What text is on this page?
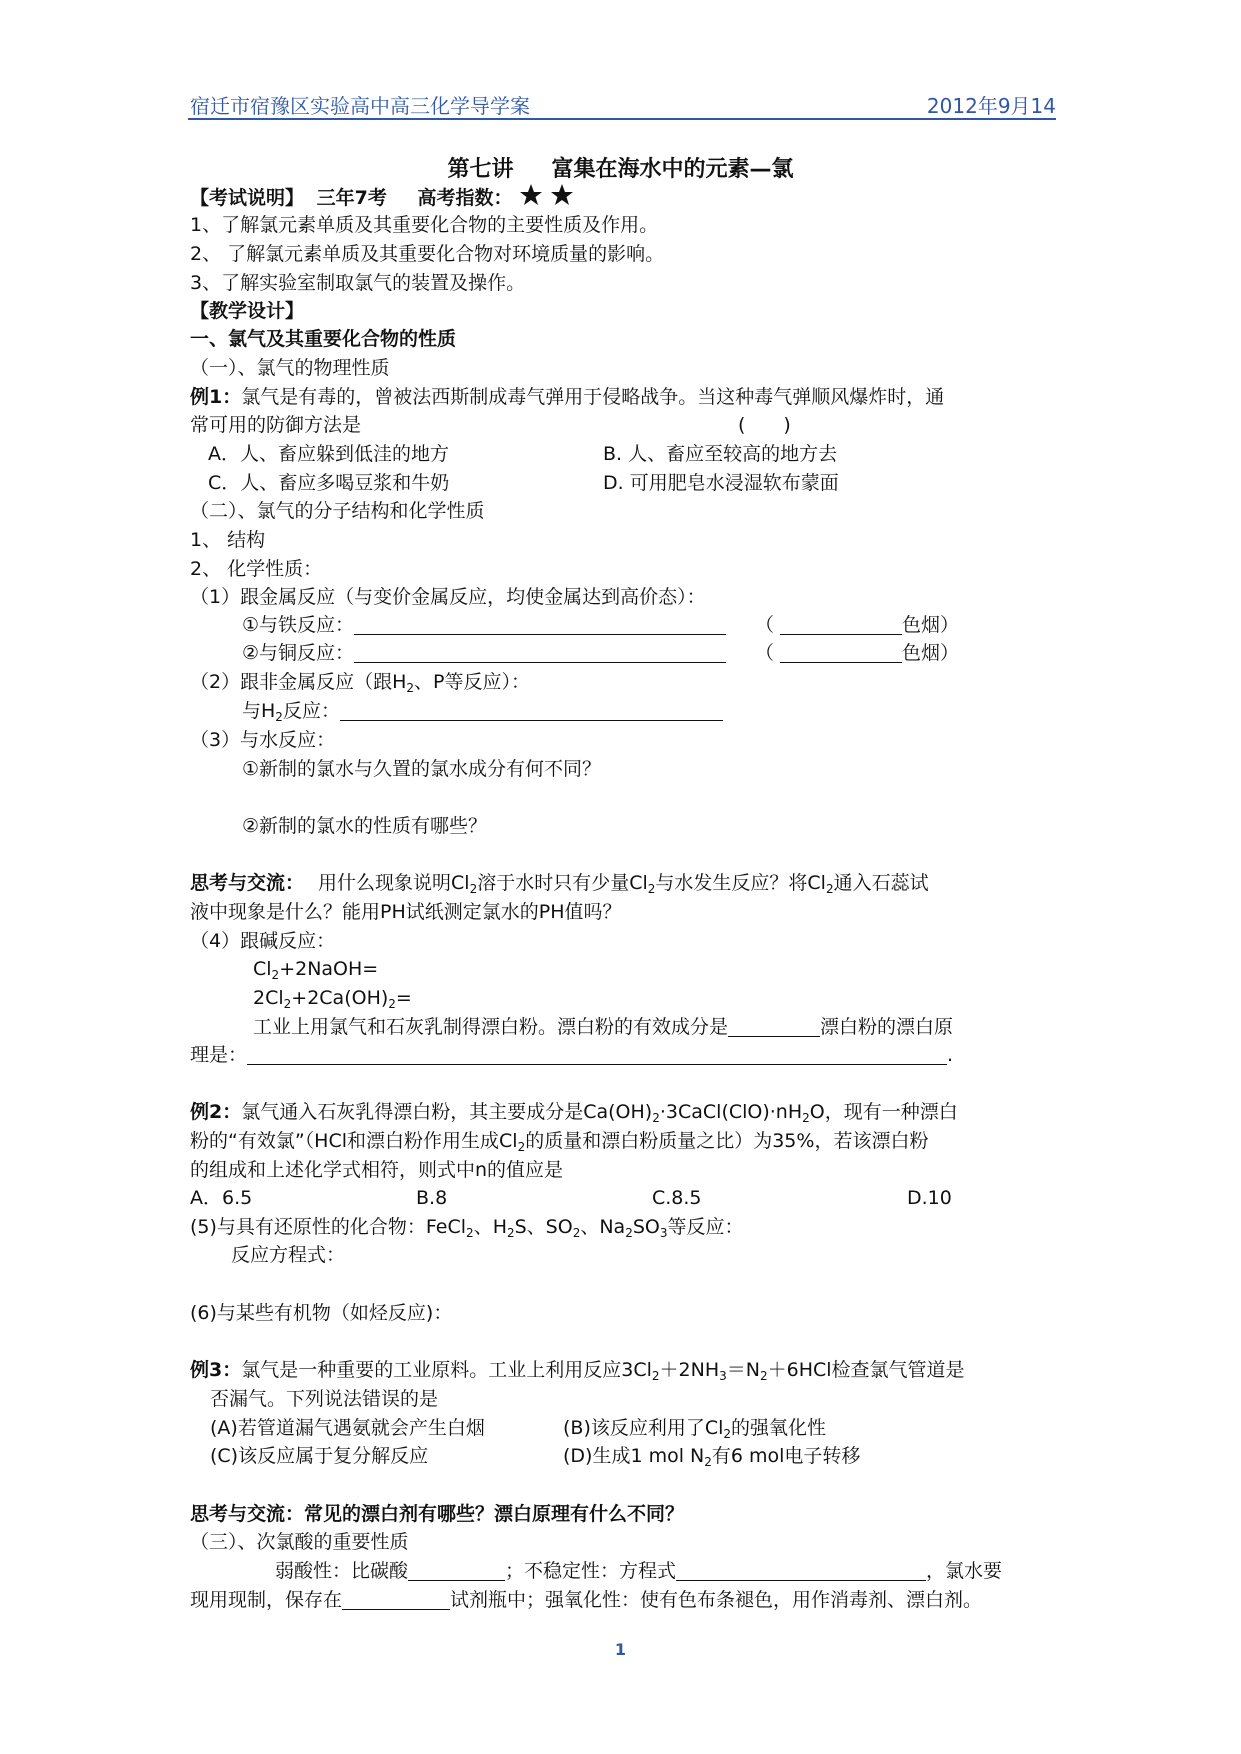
宿迁市宿豫区实验高中高三化学导学案	2012年9月14
第七讲 富集在海水中的元素—氯
【考试说明】 三年7考 高考指数：
1、了解氯元素单质及其重要化合物的主要性质及作用。
2、 了解氯元素单质及其重要化合物对环境质量的影响。
3、了解实验室制取氯气的装置及操作。
【教学设计】
一、氯气及其重要化合物的性质
（一）、氯气的物理性质
例1：氯气是有毒的，曾被法西斯制成毒气弹用于侵略战争。当这种毒气弹顺风爆炸时，通
常可用的防御方法是	(　　)
A．人、畜应躲到低洼的地方	B. 人、畜应至较高的地方去
C．人、畜应多喝豆浆和牛奶	D. 可用肥皂水浸湿软布蒙面
（二）、氯气的分子结构和化学性质
1、 结构
2、 化学性质：
（1）跟金属反应（与变价金属反应，均使金属达到高价态）：
①与铁反应：	（	色烟）
②与铜反应：	（	色烟）
（2）跟非金属反应（跟$H_2$、P等反应）：
与$H_2$反应：
（3）与水反应：
①新制的氯水与久置的氯水成分有何不同？
②新制的氯水的性质有哪些？
思考与交流： 用什么现象说明$Cl_2$溶于水时只有少量$Cl_2$与水发生反应？将$Cl_2$通入石蕊试
液中现象是什么？能用PH试纸测定氯水的PH值吗？
（4）跟碱反应：
$Cl_2+2NaOH=$
$2Cl_2+2Ca(OH)_2=$
工业上用氯气和石灰乳制得漂白粉。漂白粉的有效成分是	漂白粉的漂白原
理是：	.
例2：氯气通入石灰乳得漂白粉，其主要成分是$Ca(OH)_2\cdot 3CaCl(ClO)\cdot nH_2O$，现有一种漂白
粉的“有效氯”（HCl和漂白粉作用生成$Cl_2$的质量和漂白粉质量之比）为35%，若该漂白粉
的组成和上述化学式相符，则式中n的值应是
A．6.5	B.8	C.8.5	D.10
(5)与具有还原性的化合物：FeCl$_2$、$H_2S$、$SO_2$、$Na_2SO_3$等反应：
反应方程式：
(6)与某些有机物（如烃反应)：
例3：氯气是一种重要的工业原料。工业上利用反应$3Cl_2+2NH_3=N_2+6HCl$检查氯气管道是
否漏气。下列说法错误的是
(A)若管道漏气遇氨就会产生白烟	(B)该反应利用了$Cl_2$的强氧化性
(C)该反应属于复分解反应	(D)生成1 mol $N_2$有6 mol电子转移
思考与交流：常见的漂白剂有哪些？漂白原理有什么不同？
（三）、次氯酸的重要性质
弱酸性：比碳酸	；不稳定性：方程式	，氯水要
现用现制，保存在	试剂瓶中；强氧化性：使有色布条褪色，用作消毒剂、漂白剂。
1
